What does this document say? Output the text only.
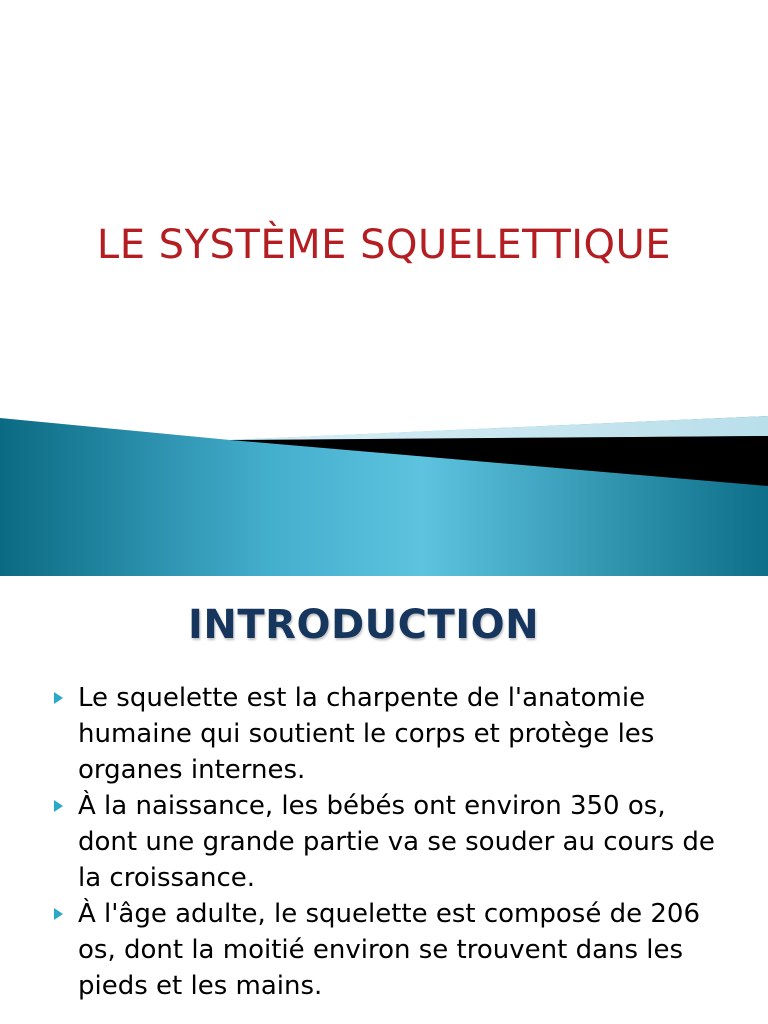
LE SYSTÈME SQUELETTIQUE
INTRODUCTION
Le squelette est la charpente de l'anatomie humaine qui soutient le corps et protège les organes internes.
À la naissance, les bébés ont environ 350 os, dont une grande partie va se souder au cours de la croissance.
À l'âge adulte, le squelette est composé de 206 os, dont la moitié environ se trouvent dans les pieds et les mains.
